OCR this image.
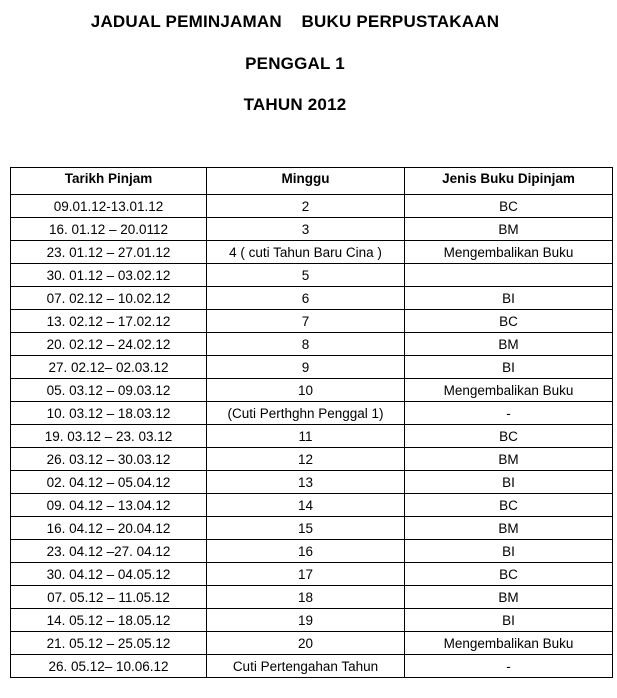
JADUAL PEMINJAMAN    BUKU PERPUSTAKAAN
PENGGAL 1
TAHUN 2012
Tarikh Pinjam	Minggu	Jenis Buku Dipinjam
09.01.12-13.01.12	2	BC
16. 01.12 – 20.0112	3	BM
23. 01.12 – 27.01.12	4 ( cuti Tahun Baru Cina )	Mengembalikan Buku
30. 01.12 – 03.02.12	5	
07. 02.12 – 10.02.12	6	BI
13. 02.12 – 17.02.12	7	BC
20. 02.12 – 24.02.12	8	BM
27. 02.12– 02.03.12	9	BI
05. 03.12 – 09.03.12	10	Mengembalikan Buku
10. 03.12 – 18.03.12	(Cuti Perthghn Penggal 1)	-
19. 03.12 – 23. 03.12	11	BC
26. 03.12 – 30.03.12	12	BM
02. 04.12 – 05.04.12	13	BI
09. 04.12 – 13.04.12	14	BC
16. 04.12 – 20.04.12	15	BM
23. 04.12 –27. 04.12	16	BI
30. 04.12 – 04.05.12	17	BC
07. 05.12 – 11.05.12	18	BM
14. 05.12 – 18.05.12	19	BI
21. 05.12 – 25.05.12	20	Mengembalikan Buku
26. 05.12– 10.06.12	Cuti Pertengahan Tahun	-
